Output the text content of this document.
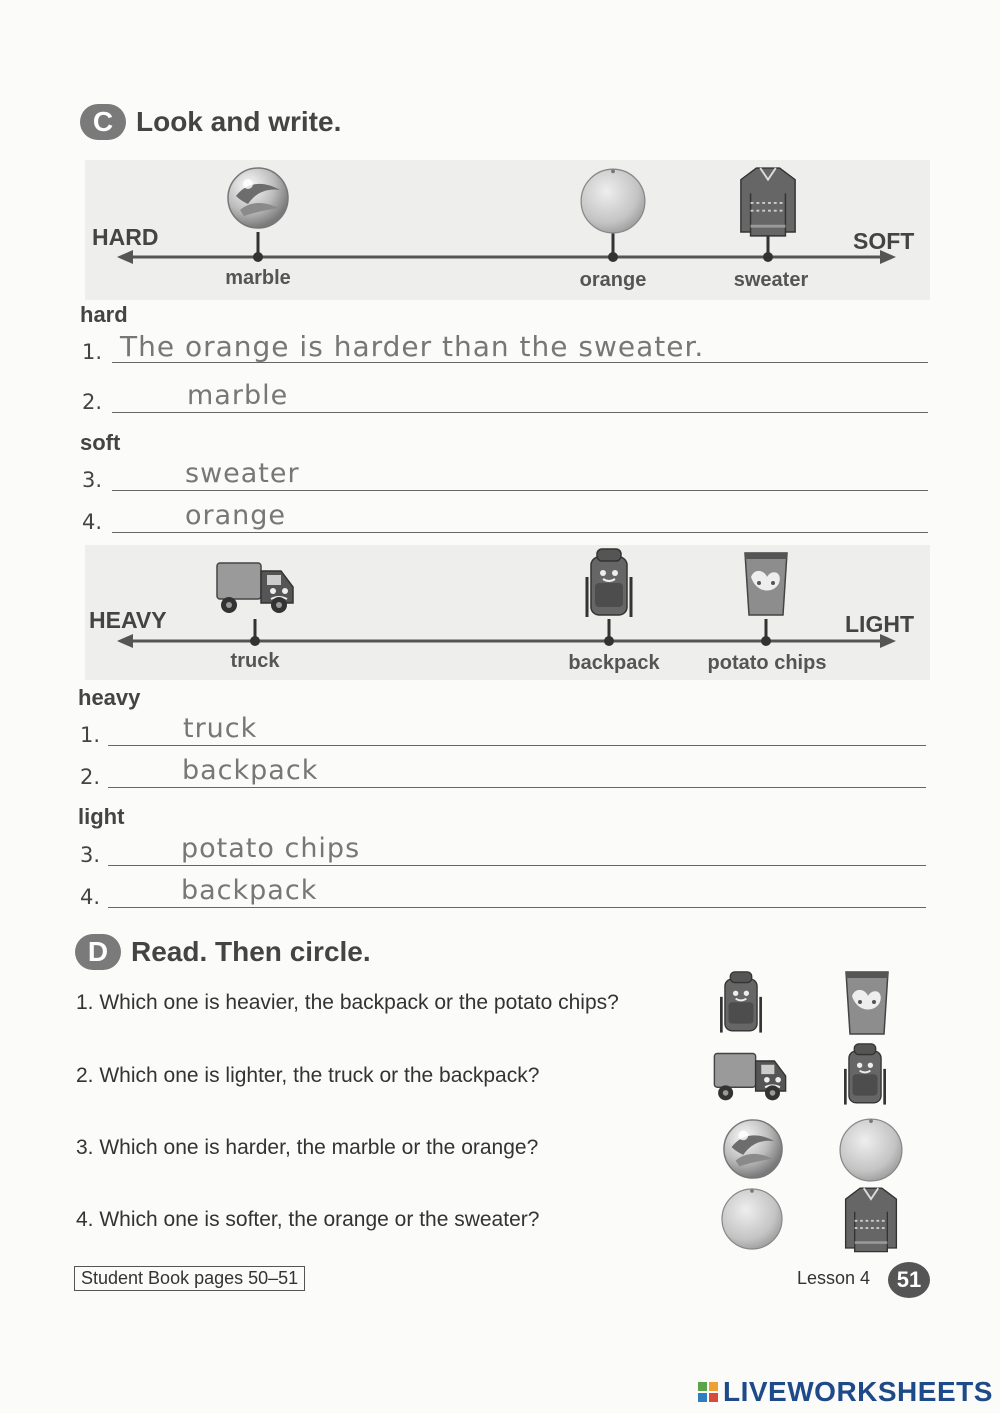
C Look and write.
HARD	SOFT
marble	orange	sweater
hard
1. The orange is harder than the sweater.
2.	marble
soft
3.	sweater
4.	orange
HEAVY	LIGHT
truck	backpack potato chips
heavy
1.	truck
2.	backpack
light
3.	potato chips
4.	backpack
D Read. Then circle.
1. Which one is heavier, the backpack or the potato chips?
2. Which one is lighter, the truck or the backpack?
3. Which one is harder, the marble or the orange?
4. Which one is softer, the orange or the sweater?
Student Book pages 50–51	Lesson 4	51
LIVEWORKSHEETS
